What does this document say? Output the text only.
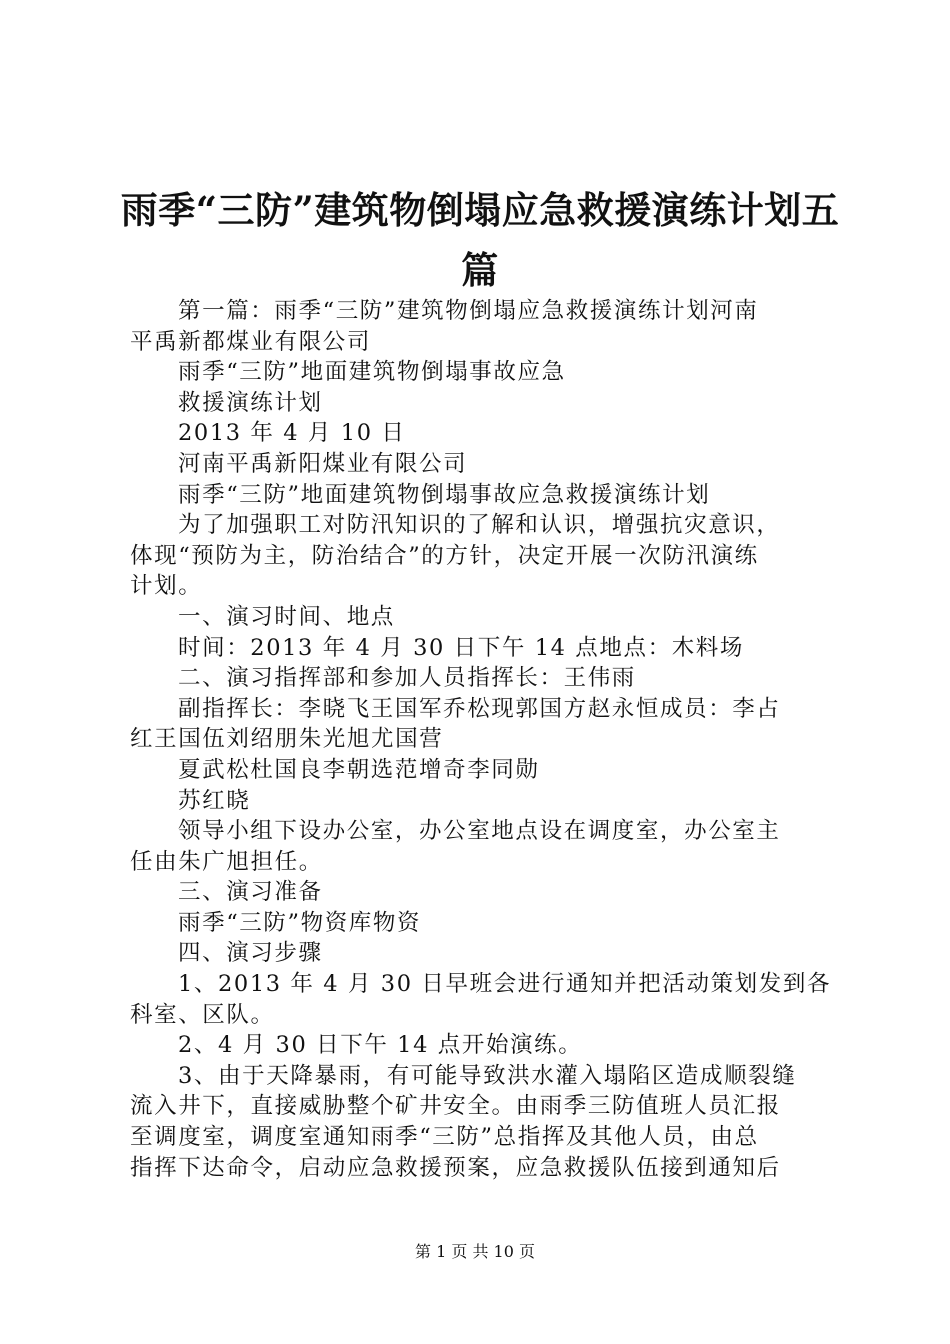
雨季“三防”建筑物倒塌应急救援演练计划五
篇

第一篇：雨季“三防”建筑物倒塌应急救援演练计划河南

平禹新都煤业有限公司

雨季“三防”地面建筑物倒塌事故应急

救援演练计划

2013 年 4 月 10 日

河南平禹新阳煤业有限公司

雨季“三防”地面建筑物倒塌事故应急救援演练计划

为了加强职工对防汛知识的了解和认识，增强抗灾意识，

体现“预防为主，防治结合”的方针，决定开展一次防汛演练

计划。

一、演习时间、地点

时间：2013 年 4 月 30 日下午 14 点地点：木料场

二、演习指挥部和参加人员指挥长：王伟雨

副指挥长：李晓飞王国军乔松现郭国方赵永恒成员：李占

红王国伍刘绍朋朱光旭尤国营

夏武松杜国良李朝选范增奇李同勋

苏红晓

领导小组下设办公室，办公室地点设在调度室，办公室主

任由朱广旭担任。

三、演习准备

雨季“三防”物资库物资

四、演习步骤

1、2013 年 4 月 30 日早班会进行通知并把活动策划发到各

科室、区队。

2、4 月 30 日下午 14 点开始演练。

3、由于天降暴雨，有可能导致洪水灌入塌陷区造成顺裂缝

流入井下，直接威胁整个矿井安全。由雨季三防值班人员汇报

至调度室，调度室通知雨季“三防”总指挥及其他人员，由总

指挥下达命令，启动应急救援预案，应急救援队伍接到通知后

第 1 页 共 10 页
